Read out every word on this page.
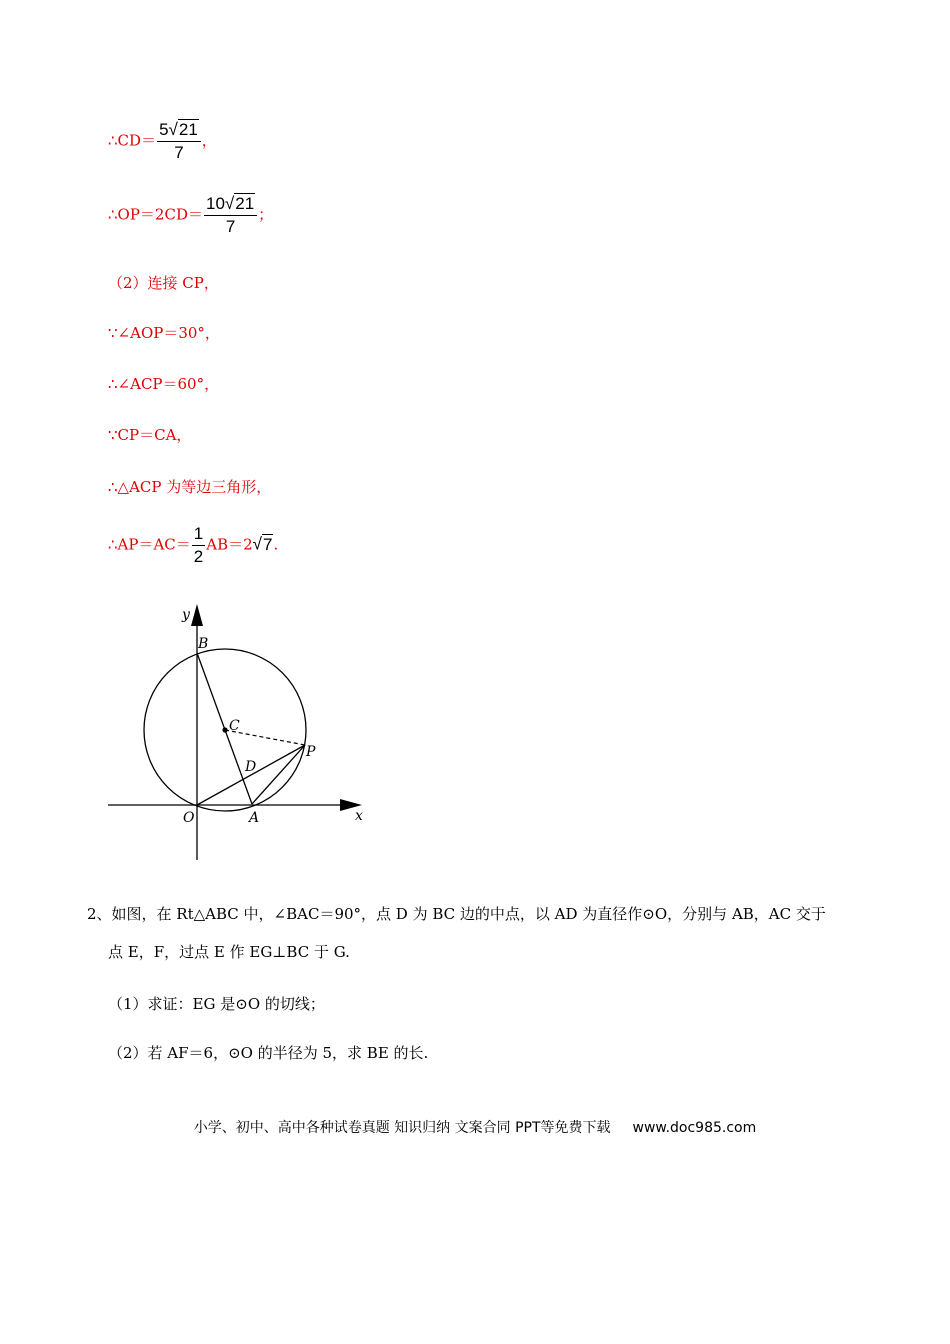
∴CD＝ $\frac{5√21}{7}$ ，
∴OP＝2CD＝ $\frac{10√21}{7}$ ；
（2）连接 CP，
∵∠AOP＝30°，
∴∠ACP＝60°，
∵CP＝CA，
∴△ACP 为等边三角形，
∴AP＝AC＝ $\frac{1}{2} AB=2√7$.
y
x
B
C
P
D
O	A
2、如图，在 Rt△ABC 中，∠BAC＝90°，点 D 为 BC 边的中点，以 AD 为直径作⊙O，分别与 AB，AC 交于
点 E，F，过点 E 作 EG⊥BC 于 G.
（1）求证：EG 是⊙O 的切线；
（2）若 AF＝6，⊙O 的半径为 5，求 BE 的长.
小学、初中、高中各种试卷真题 知识归纳 文案合同 PPT等免费下载 www.doc985.com
